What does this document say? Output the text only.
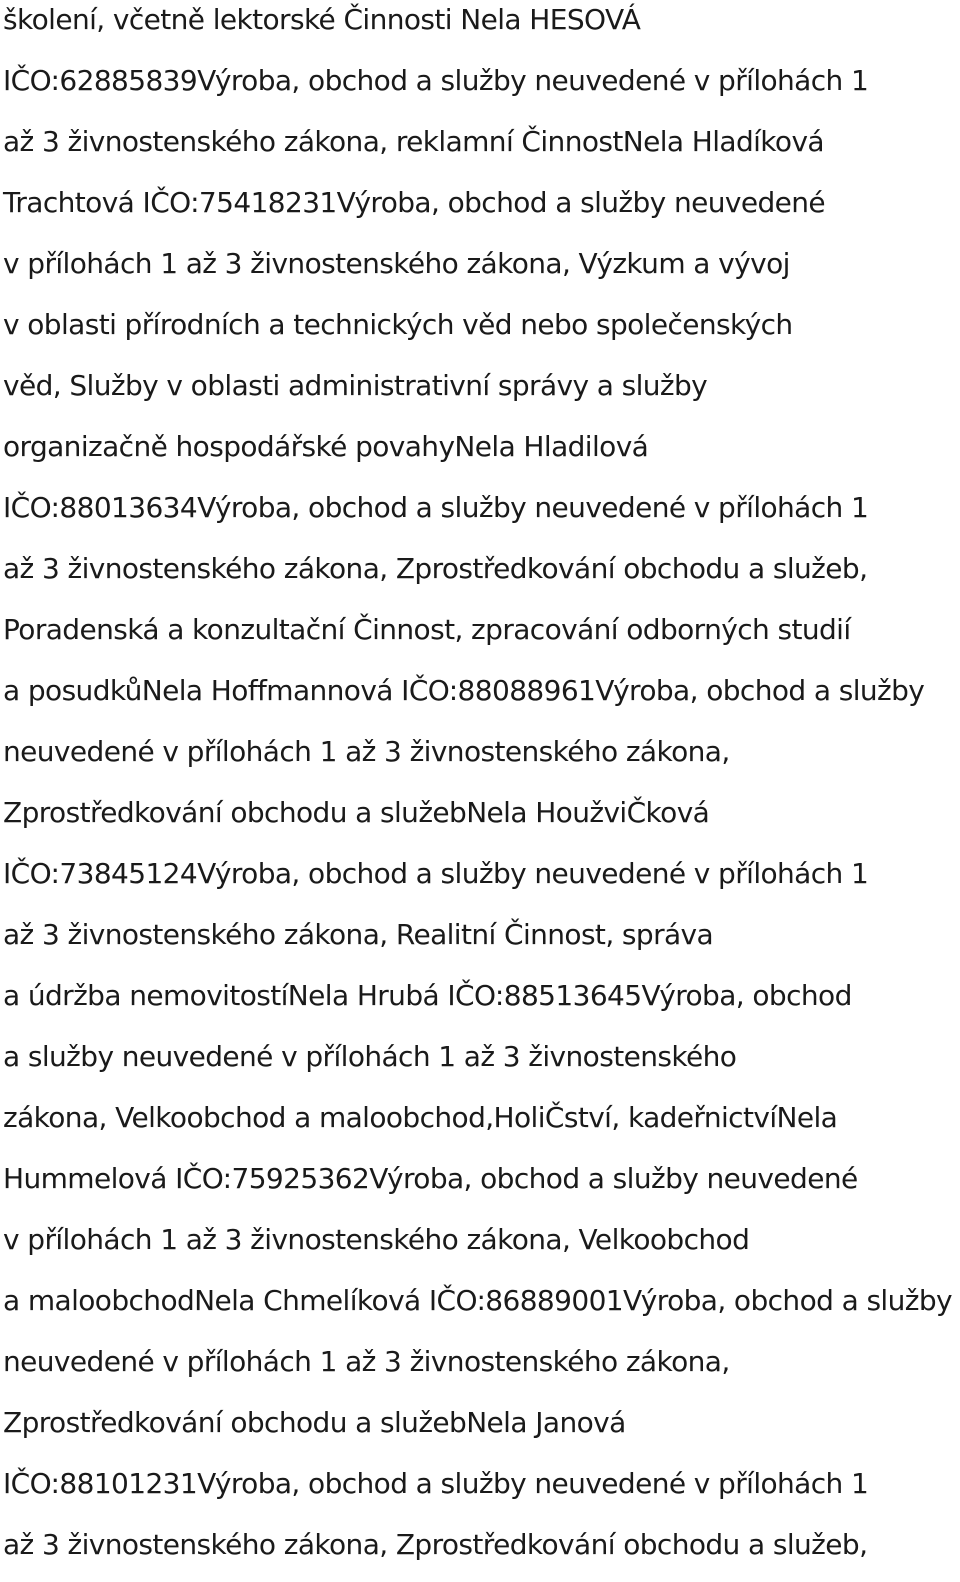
školení, včetně lektorské Činnosti Nela HESOVÁ
IČO:62885839Výroba, obchod a služby neuvedené v přílohách 1
až 3 živnostenského zákona, reklamní ČinnostNela Hladíková
Trachtová IČO:75418231Výroba, obchod a služby neuvedené
v přílohách 1 až 3 živnostenského zákona, Výzkum a vývoj
v oblasti přírodních a technických věd nebo společenských
věd, Služby v oblasti administrativní správy a služby
organizačně hospodářské povahyNela Hladilová
IČO:88013634Výroba, obchod a služby neuvedené v přílohách 1
až 3 živnostenského zákona, Zprostředkování obchodu a služeb,
Poradenská a konzultační Činnost, zpracování odborných studií
a posudkůNela Hoffmannová IČO:88088961Výroba, obchod a služby
neuvedené v přílohách 1 až 3 živnostenského zákona,
Zprostředkování obchodu a služebNela HoužviČková
IČO:73845124Výroba, obchod a služby neuvedené v přílohách 1
až 3 živnostenského zákona, Realitní Činnost, správa
a údržba nemovitostíNela Hrubá IČO:88513645Výroba, obchod
a služby neuvedené v přílohách 1 až 3 živnostenského
zákona, Velkoobchod a maloobchod,HoliČství, kadeřnictvíNela
Hummelová IČO:75925362Výroba, obchod a služby neuvedené
v přílohách 1 až 3 živnostenského zákona, Velkoobchod
a maloobchodNela Chmelíková IČO:86889001Výroba, obchod a služby
neuvedené v přílohách 1 až 3 živnostenského zákona,
Zprostředkování obchodu a služebNela Janová
IČO:88101231Výroba, obchod a služby neuvedené v přílohách 1
až 3 živnostenského zákona, Zprostředkování obchodu a služeb,
